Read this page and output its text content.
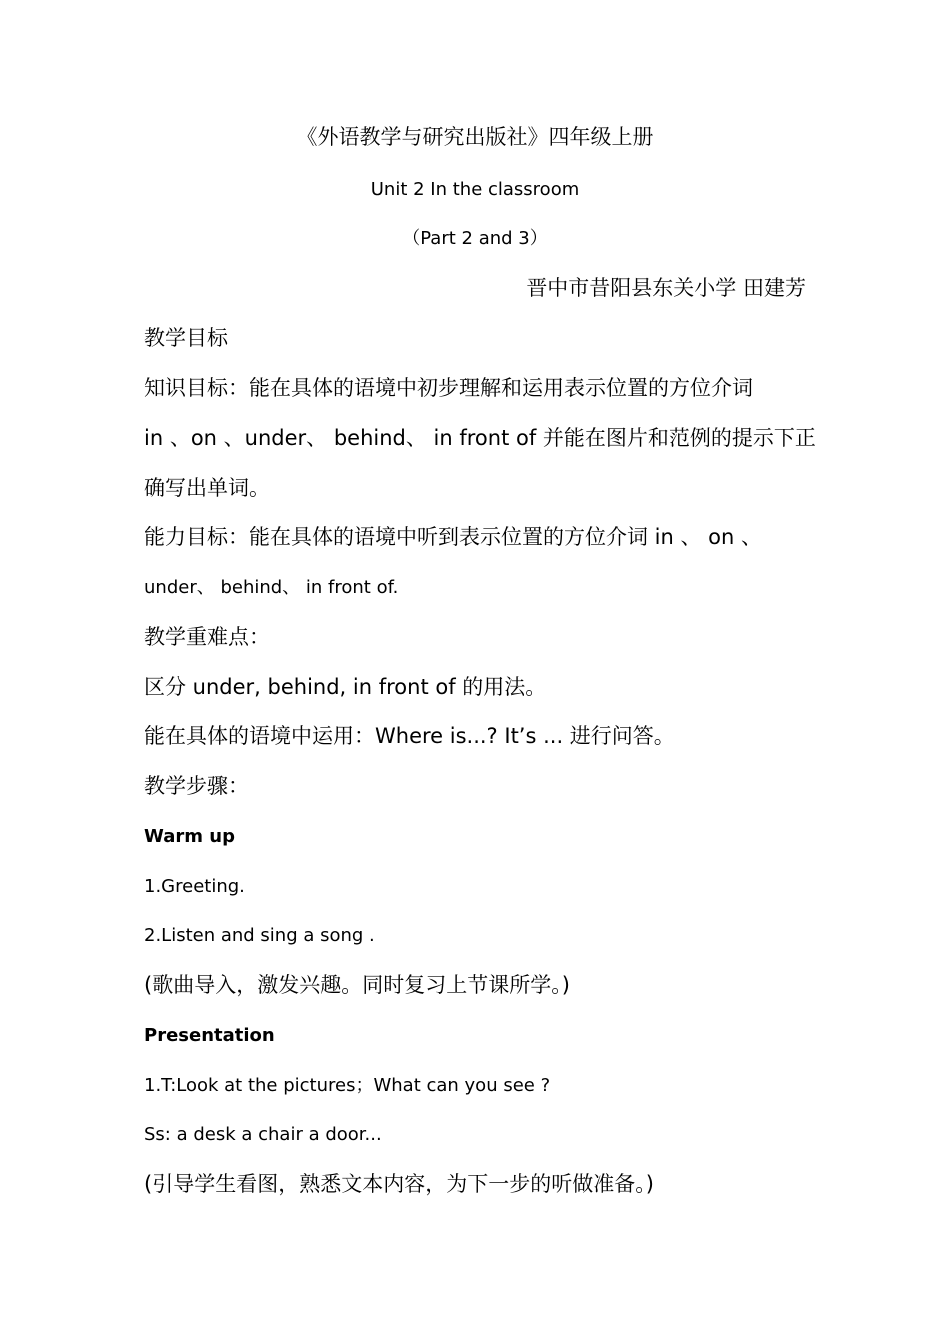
《外语教学与研究出版社》四年级上册
Unit 2 In the classroom
（Part 2 and 3）
晋中市昔阳县东关小学 田建芳
教学目标
知识目标：能在具体的语境中初步理解和运用表示位置的方位介词
in 、on 、under、 behind、 in front of 并能在图片和范例的提示下正
确写出单词。
能力目标：能在具体的语境中听到表示位置的方位介词 in 、 on 、
under、 behind、 in front of.
教学重难点：
区分 under, behind, in front of 的用法。
能在具体的语境中运用：Where is...? It’s ... 进行问答。
教学步骤：
Warm up
1.Greeting.
2.Listen and sing a song .
(歌曲导入，激发兴趣。同时复习上节课所学。)
Presentation
1.T:Look at the pictures；What can you see ?
Ss: a desk a chair a door...
(引导学生看图，熟悉文本内容，为下一步的听做准备。)
